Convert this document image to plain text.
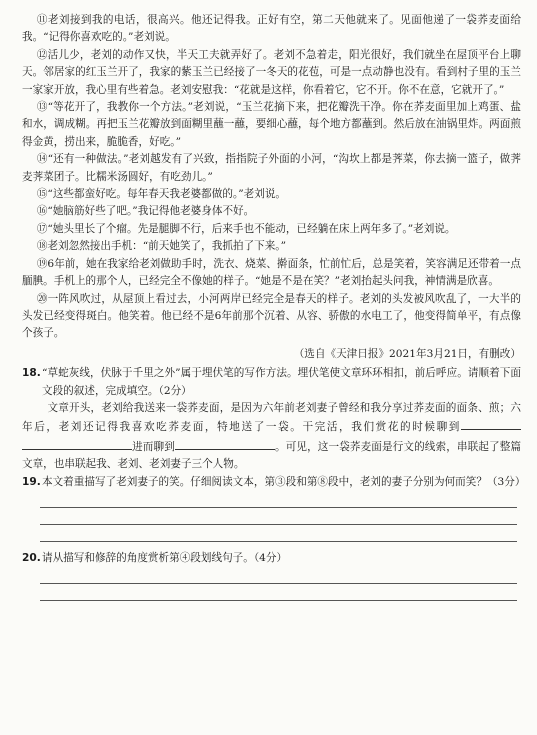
⑪老刘接到我的电话，很高兴。他还记得我。正好有空，第二天他就来了。见面他递了一袋荞麦面给我。“记得你喜欢吃的。”老刘说。

⑫活儿少，老刘的动作又快，半天工夫就弄好了。老刘不急着走，阳光很好，我们就坐在屋顶平台上聊天。邻居家的红玉兰开了，我家的紫玉兰已经接了一冬天的花苞，可是一点动静也没有。看到村子里的玉兰一家家开放，我心里有些着急。老刘安慰我：“花就是这样，你看着它，它不开。你不在意，它就开了。”

⑬“等花开了，我教你一个方法。”老刘说，“玉兰花摘下来，把花瓣洗干净。你在荞麦面里加上鸡蛋、盐和水，调成糊。再把玉兰花瓣放到面糊里蘸一蘸，要细心蘸，每个地方都蘸到。然后放在油锅里炸。两面煎得金黄，捞出来，脆脆香，好吃。”

⑭“还有一种做法。”老刘越发有了兴致，指指院子外面的小河，“沟坎上都是荠菜，你去摘一篮子，做荠麦荠菜团子。比糯米汤圆好，有吃劲儿。”

⑮“这些都蛮好吃。每年春天我老婆都做的。”老刘说。

⑯“她脑筋好些了吧。”我记得他老婆身体不好。

⑰“她头里长了个瘤。先是腿脚不行，后来手也不能动，已经躺在床上两年多了。”老刘说。

⑱老刘忽然接出手机：“前天她笑了，我抓拍了下来。”

⑲6年前，她在我家给老刘做助手时，洗衣、烧菜、擀面条，忙前忙后，总是笑着，笑容满足还带着一点腼腆。手机上的那个人，已经完全不像她的样子。“她是不是在笑？”老刘抬起头问我，神情满是欣喜。

⑳一阵风吹过，从屋顶上看过去，小河两岸已经完全是春天的样子。老刘的头发被风吹乱了，一大半的头发已经变得斑白。他笑着。他已经不是6年前那个沉着、从容、骄傲的水电工了，他变得简单平，有点像个孩子。

（选自《天津日报》2021年3月21日，有删改）

18. “草蛇灰线，伏脉于千里之外”属于埋伏笔的写作方法。埋伏笔使文章环环相扣，前后呼应。请顺着下面文段的叙述，完成填空。（2分）

文章开头，老刘给我送来一袋荞麦面，是因为六年前老刘妻子曾经和我分享过荞麦面的面条、煎；六年后，老刘还记得我喜欢吃荞麦面，特地送了一袋。干完活，我们赏花的时候聊到进而聊到	。可见，这一袋荞麦面是行文的线索，串联起了整篇文章，也串联起我、老刘、老刘妻子三个人物。

19. 本文着重描写了老刘妻子的笑。仔细阅读文本，第③段和第⑧段中，老刘的妻子分别为何而笑？（3分）

20. 请从描写和修辞的角度赏析第④段划线句子。（4分）
